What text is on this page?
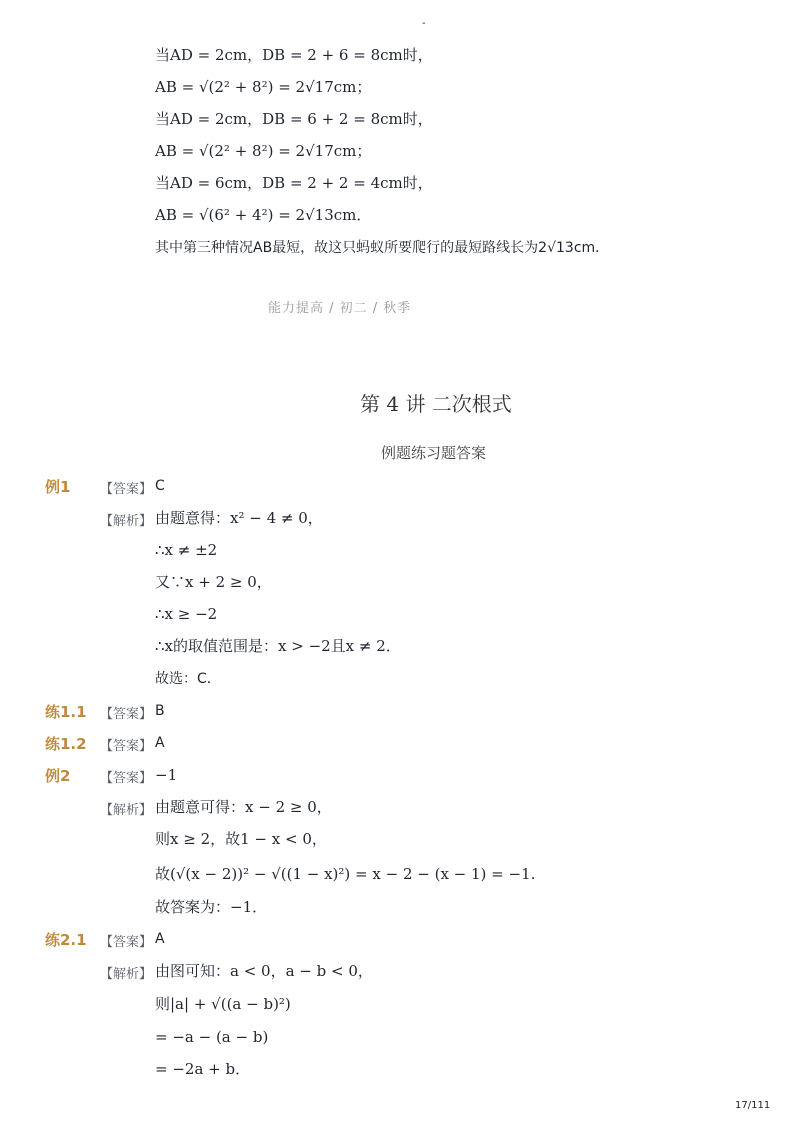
-
当AD = 2cm，DB = 2 + 6 = 8cm时，
AB = √(2² + 8²) = 2√17cm；
当AD = 2cm，DB = 6 + 2 = 8cm时，
AB = √(2² + 8²) = 2√17cm；
当AD = 6cm，DB = 2 + 2 = 4cm时，
AB = √(6² + 4²) = 2√13cm．
其中第三种情况AB最短，故这只蚂蚁所要爬行的最短路线长为2√13cm．
能力提高 / 初二 / 秋季
第 4 讲 二次根式
例题练习题答案
例1 【答案】 C
【解析】 由题意得：x² − 4 ≠ 0，
∴x ≠ ±2
又∵x + 2 ≥ 0，
∴x ≥ −2
∴x的取值范围是：x > −2且x ≠ 2．
故选：C．
练1.1 【答案】 B
练1.2 【答案】 A
例2 【答案】 −1
【解析】 由题意可得：x − 2 ≥ 0，
则x ≥ 2，故1 − x < 0，
故(√(x − 2))² − √((1 − x)²) = x − 2 − (x − 1) = −1.
故答案为：−1．
练2.1 【答案】 A
【解析】 由图可知：a < 0，a − b < 0，
则|a| + √((a − b)²)
= −a − (a − b)
= −2a + b．
17/111
